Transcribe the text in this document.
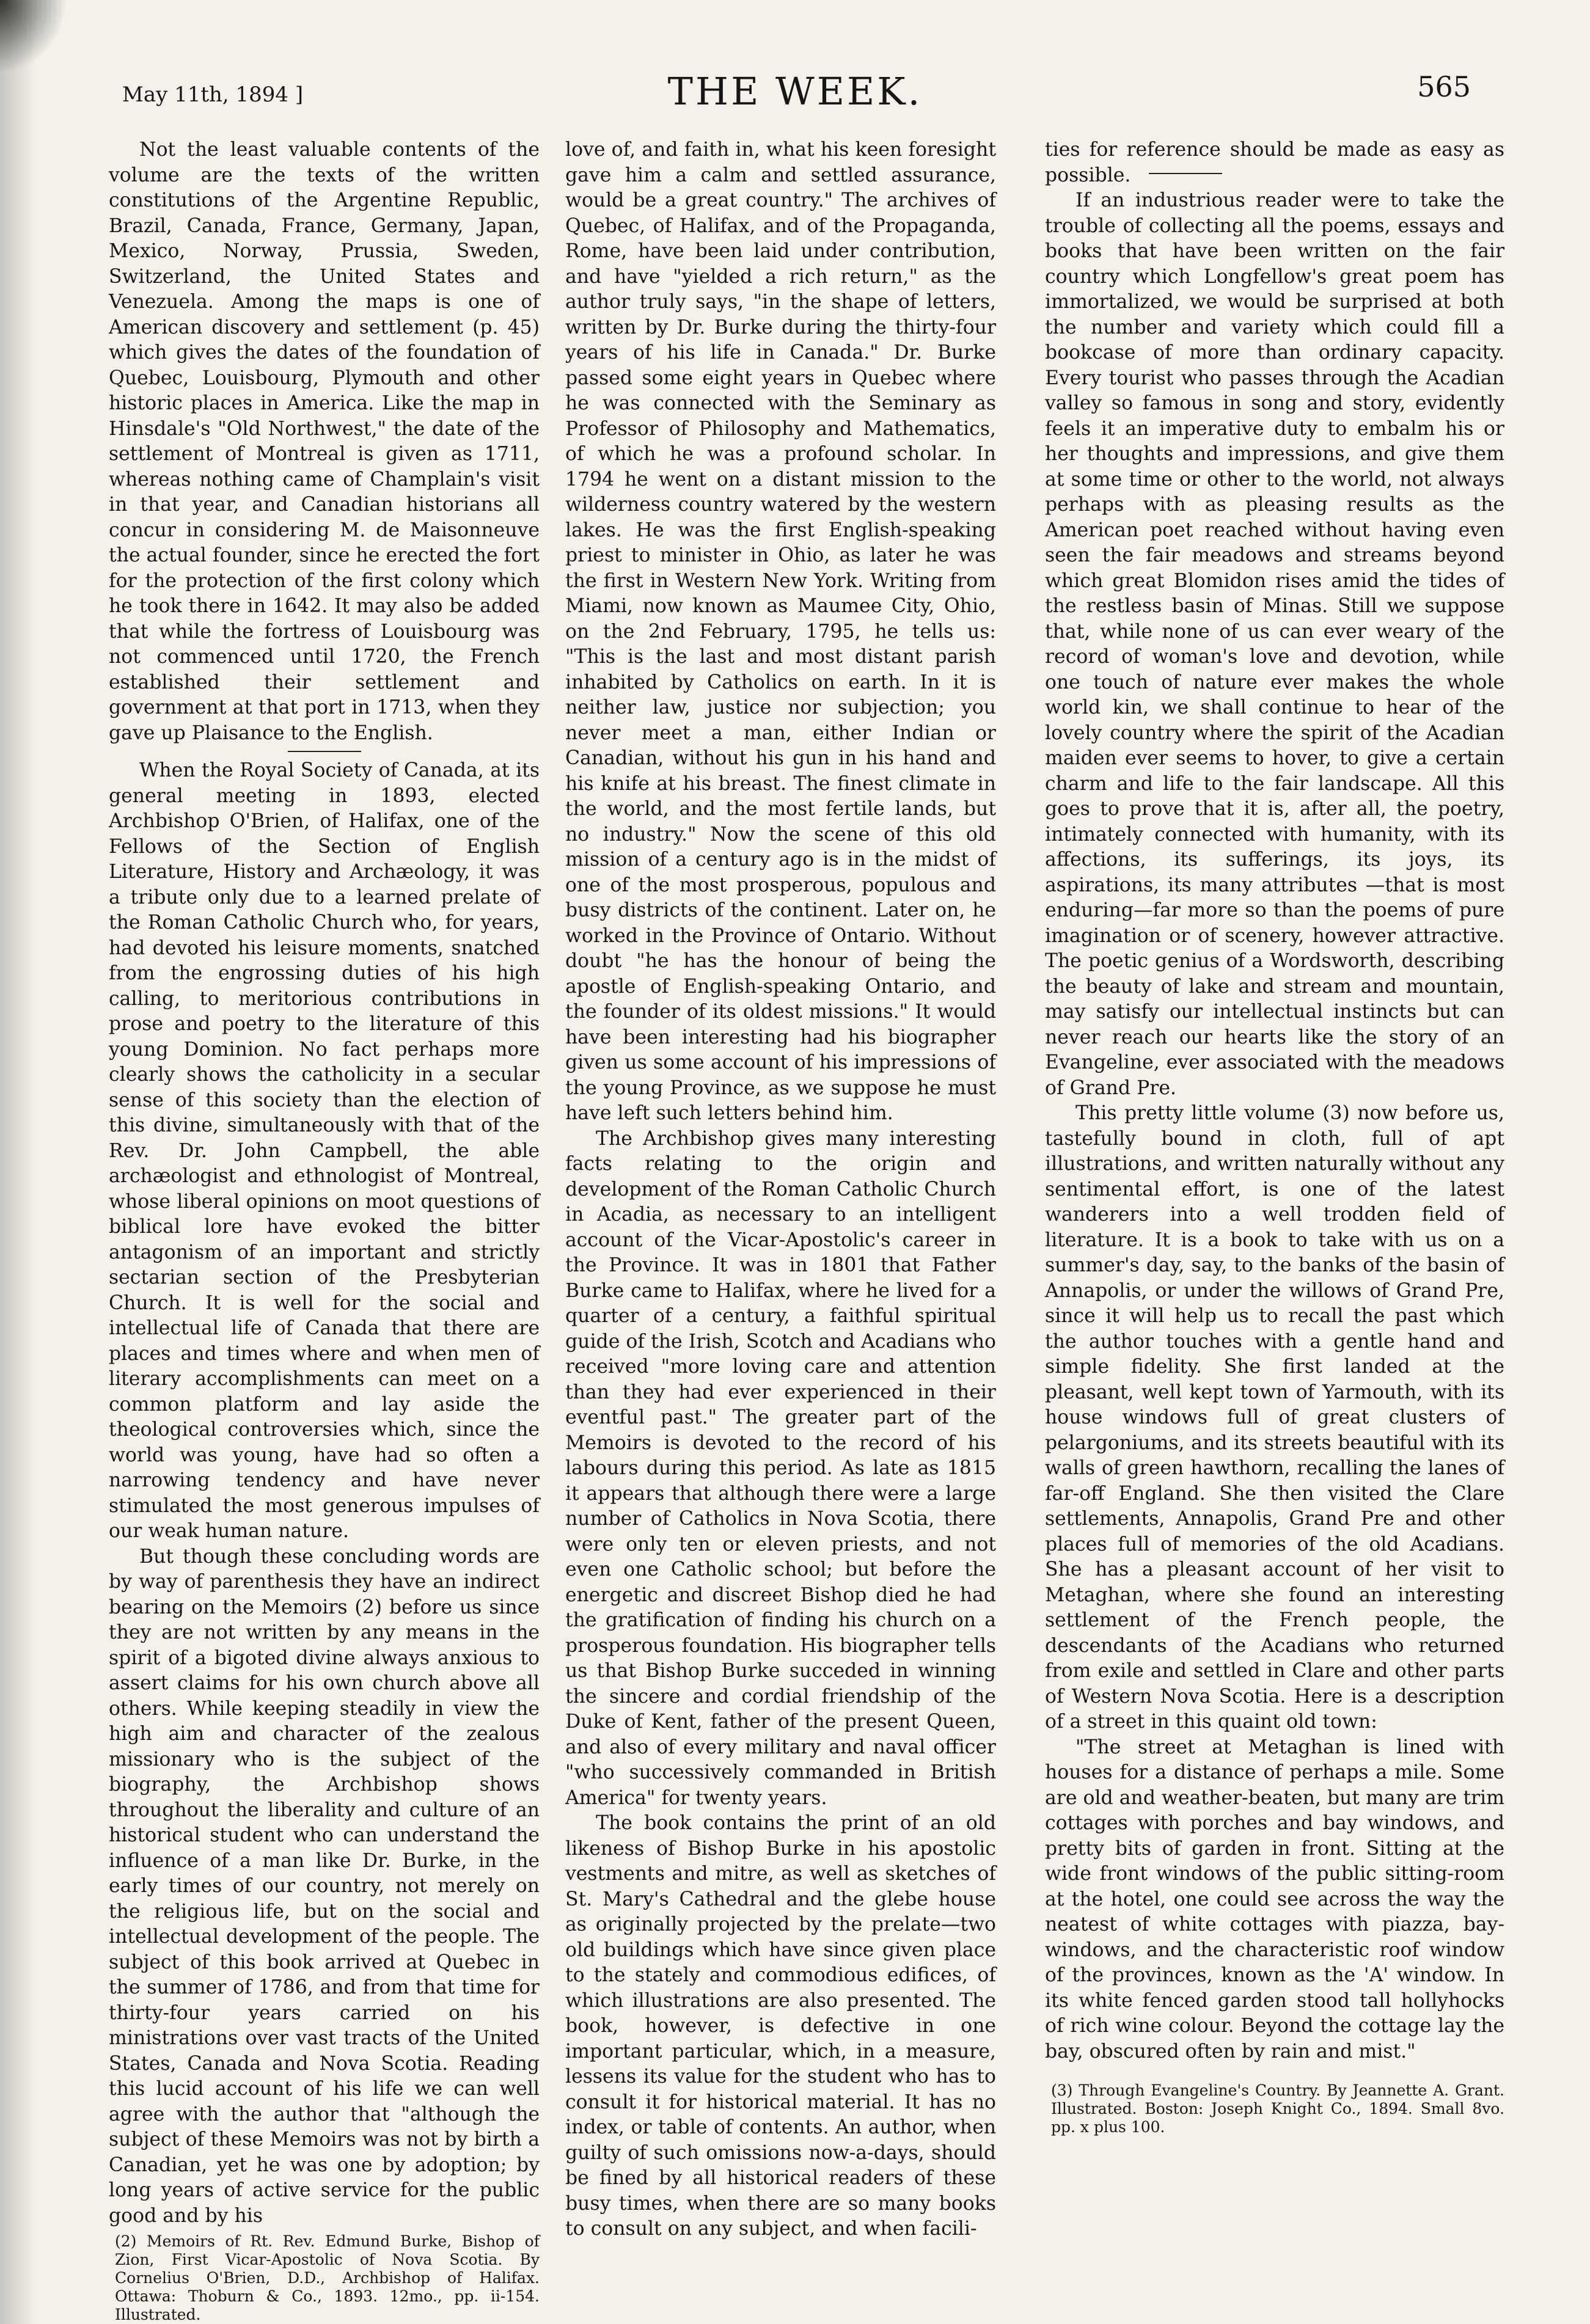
May 11th, 1894 ]	THE WEEK.	565

Not the least valuable contents of the volume are the texts of the written constitutions of the Argentine Republic, Brazil, Canada, France, Germany, Japan, Mexico, Norway, Prussia, Sweden, Switzerland, the United States and Venezuela. Among the maps is one of American discovery and settlement (p. 45) which gives the dates of the foundation of Quebec, Louisbourg, Plymouth and other historic places in America. Like the map in Hinsdale's "Old Northwest," the date of the settlement of Montreal is given as 1711, whereas nothing came of Champlain's visit in that year, and Canadian historians all concur in considering M. de Maisonneuve the actual founder, since he erected the fort for the protection of the first colony which he took there in 1642. It may also be added that while the fortress of Louisbourg was not commenced until 1720, the French established their settlement and government at that port in 1713, when they gave up Plaisance to the English.

When the Royal Society of Canada, at its general meeting in 1893, elected Archbishop O'Brien, of Halifax, one of the Fellows of the Section of English Literature, History and Archæology, it was a tribute only due to a learned prelate of the Roman Catholic Church who, for years, had devoted his leisure moments, snatched from the engrossing duties of his high calling, to meritorious contributions in prose and poetry to the literature of this young Dominion. No fact perhaps more clearly shows the catholicity in a secular sense of this society than the election of this divine, simultaneously with that of the Rev. Dr. John Campbell, the able archæologist and ethnologist of Montreal, whose liberal opinions on moot questions of biblical lore have evoked the bitter antagonism of an important and strictly sectarian section of the Presbyterian Church. It is well for the social and intellectual life of Canada that there are places and times where and when men of literary accomplishments can meet on a common platform and lay aside the theological controversies which, since the world was young, have had so often a narrowing tendency and have never stimulated the most generous impulses of our weak human nature.

But though these concluding words are by way of parenthesis they have an indirect bearing on the Memoirs (2) before us since they are not written by any means in the spirit of a bigoted divine always anxious to assert claims for his own church above all others. While keeping steadily in view the high aim and character of the zealous missionary who is the subject of the biography, the Archbishop shows throughout the liberality and culture of an historical student who can understand the influence of a man like Dr. Burke, in the early times of our country, not merely on the religious life, but on the social and intellectual development of the people. The subject of this book arrived at Quebec in the summer of 1786, and from that time for thirty-four years carried on his ministrations over vast tracts of the United States, Canada and Nova Scotia. Reading this lucid account of his life we can well agree with the author that "although the subject of these Memoirs was not by birth a Canadian, yet he was one by adoption; by long years of active service for the public good and by his

(2) Memoirs of Rt. Rev. Edmund Burke, Bishop of Zion, First Vicar-Apostolic of Nova Scotia. By Cornelius O'Brien, D.D., Archbishop of Halifax. Ottawa: Thoburn & Co., 1893. 12mo., pp. ii-154. Illustrated.

love of, and faith in, what his keen foresight gave him a calm and settled assurance, would be a great country." The archives of Quebec, of Halifax, and of the Propaganda, Rome, have been laid under contribution, and have "yielded a rich return," as the author truly says, "in the shape of letters, written by Dr. Burke during the thirty-four years of his life in Canada." Dr. Burke passed some eight years in Quebec where he was connected with the Seminary as Professor of Philosophy and Mathematics, of which he was a profound scholar. In 1794 he went on a distant mission to the wilderness country watered by the western lakes. He was the first English-speaking priest to minister in Ohio, as later he was the first in Western New York. Writing from Miami, now known as Maumee City, Ohio, on the 2nd February, 1795, he tells us: "This is the last and most distant parish inhabited by Catholics on earth. In it is neither law, justice nor subjection; you never meet a man, either Indian or Canadian, without his gun in his hand and his knife at his breast. The finest climate in the world, and the most fertile lands, but no industry." Now the scene of this old mission of a century ago is in the midst of one of the most prosperous, populous and busy districts of the continent. Later on, he worked in the Province of Ontario. Without doubt "he has the honour of being the apostle of English-speaking Ontario, and the founder of its oldest missions." It would have been interesting had his biographer given us some account of his impressions of the young Province, as we suppose he must have left such letters behind him.

The Archbishop gives many interesting facts relating to the origin and development of the Roman Catholic Church in Acadia, as necessary to an intelligent account of the Vicar-Apostolic's career in the Province. It was in 1801 that Father Burke came to Halifax, where he lived for a quarter of a century, a faithful spiritual guide of the Irish, Scotch and Acadians who received "more loving care and attention than they had ever experienced in their eventful past." The greater part of the Memoirs is devoted to the record of his labours during this period. As late as 1815 it appears that although there were a large number of Catholics in Nova Scotia, there were only ten or eleven priests, and not even one Catholic school; but before the energetic and discreet Bishop died he had the gratification of finding his church on a prosperous foundation. His biographer tells us that Bishop Burke succeded in winning the sincere and cordial friendship of the Duke of Kent, father of the present Queen, and also of every military and naval officer "who successively commanded in British America" for twenty years.

The book contains the print of an old likeness of Bishop Burke in his apostolic vestments and mitre, as well as sketches of St. Mary's Cathedral and the glebe house as originally projected by the prelate—two old buildings which have since given place to the stately and commodious edifices, of which illustrations are also presented. The book, however, is defective in one important particular, which, in a measure, lessens its value for the student who has to consult it for historical material. It has no index, or table of contents. An author, when guilty of such omissions now-a-days, should be fined by all historical readers of these busy times, when there are so many books to consult on any subject, and when facili-

ties for reference should be made as easy as possible.

If an industrious reader were to take the trouble of collecting all the poems, essays and books that have been written on the fair country which Longfellow's great poem has immortalized, we would be surprised at both the number and variety which could fill a bookcase of more than ordinary capacity. Every tourist who passes through the Acadian valley so famous in song and story, evidently feels it an imperative duty to embalm his or her thoughts and impressions, and give them at some time or other to the world, not always perhaps with as pleasing results as the American poet reached without having even seen the fair meadows and streams beyond which great Blomidon rises amid the tides of the restless basin of Minas. Still we suppose that, while none of us can ever weary of the record of woman's love and devotion, while one touch of nature ever makes the whole world kin, we shall continue to hear of the lovely country where the spirit of the Acadian maiden ever seems to hover, to give a certain charm and life to the fair landscape. All this goes to prove that it is, after all, the poetry, intimately connected with humanity, with its affections, its sufferings, its joys, its aspirations, its many attributes —that is most enduring—far more so than the poems of pure imagination or of scenery, however attractive. The poetic genius of a Wordsworth, describing the beauty of lake and stream and mountain, may satisfy our intellectual instincts but can never reach our hearts like the story of an Evangeline, ever associated with the meadows of Grand Pre.

This pretty little volume (3) now before us, tastefully bound in cloth, full of apt illustrations, and written naturally without any sentimental effort, is one of the latest wanderers into a well trodden field of literature. It is a book to take with us on a summer's day, say, to the banks of the basin of Annapolis, or under the willows of Grand Pre, since it will help us to recall the past which the author touches with a gentle hand and simple fidelity. She first landed at the pleasant, well kept town of Yarmouth, with its house windows full of great clusters of pelargoniums, and its streets beautiful with its walls of green hawthorn, recalling the lanes of far-off England. She then visited the Clare settlements, Annapolis, Grand Pre and other places full of memories of the old Acadians. She has a pleasant account of her visit to Metaghan, where she found an interesting settlement of the French people, the descendants of the Acadians who returned from exile and settled in Clare and other parts of Western Nova Scotia. Here is a description of a street in this quaint old town:

"The street at Metaghan is lined with houses for a distance of perhaps a mile. Some are old and weather-beaten, but many are trim cottages with porches and bay windows, and pretty bits of garden in front. Sitting at the wide front windows of the public sitting-room at the hotel, one could see across the way the neatest of white cottages with piazza, bay-windows, and the characteristic roof window of the provinces, known as the 'A' window. In its white fenced garden stood tall hollyhocks of rich wine colour. Beyond the cottage lay the bay, obscured often by rain and mist."

(3) Through Evangeline's Country. By Jeannette A. Grant. Illustrated. Boston: Joseph Knight Co., 1894. Small 8vo. pp. x plus 100.
